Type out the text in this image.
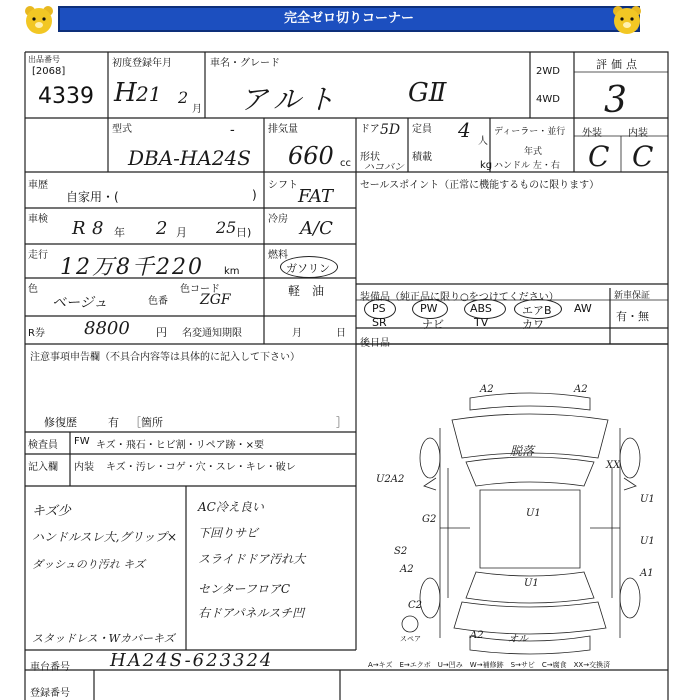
完全ゼロ切りコーナー
出品番号
[2068]
4339
初度登録年月
H 21 2
月
車名・グレード
アルト	GⅡ
2WD
4WD
評価点
3
型式	-
DBA-HA24S
排気量
660 cc
ドア 5D 定員 4 人
形状
ハコバン
積載
kg
ディーラー・並行
年式
ハンドル 左・右
外装	内装
C C
車歴
自家用・(	)
シフト
FAT
セールスポイント（正常に機能するものに限ります）
車検 R 8 年 2 月 25 日)
冷房 A/C
走行 12万8千220 km
燃料
ガソリン
軽　油
色
ベージュ	色番
色コード
ZGF
R券 8800 円 名変通知期限	月	日
装備品（純正品に限り○をつけてください）	新車保証
PS	PW	ABS	エアB AW
SR	ナビ	TV	カワ
有・無
注意事項申告欄（不具合内容等は具体的に記入して下さい）
後日品
修復歴	有 ［箇所	］
検査員
記入欄
FW キズ・飛石・ヒビ割・リペア跡・×要
内装 キズ・汚レ・コゲ・穴・スレ・キレ・破レ
キズ少
ハンドルスレ大,グリップ×
ダッシュのり汚れ キズ
スタッドレス・Wカバーキズ
AC冷え良い
下回りサビ
スライドドア汚れ大
センターフロアC
右ドアパネルスチ凹
A2	A2
U2A2
G2
S2
A2
C2
U1
U1
U1
U1
XX
A1
スペア	A2 オル
脱落
A→キズ　E→エクボ　U→凹み　W→補修跡　S→サビ　C→腐食　XX→交換済
車台番号 HA24S-623324
登録番号
